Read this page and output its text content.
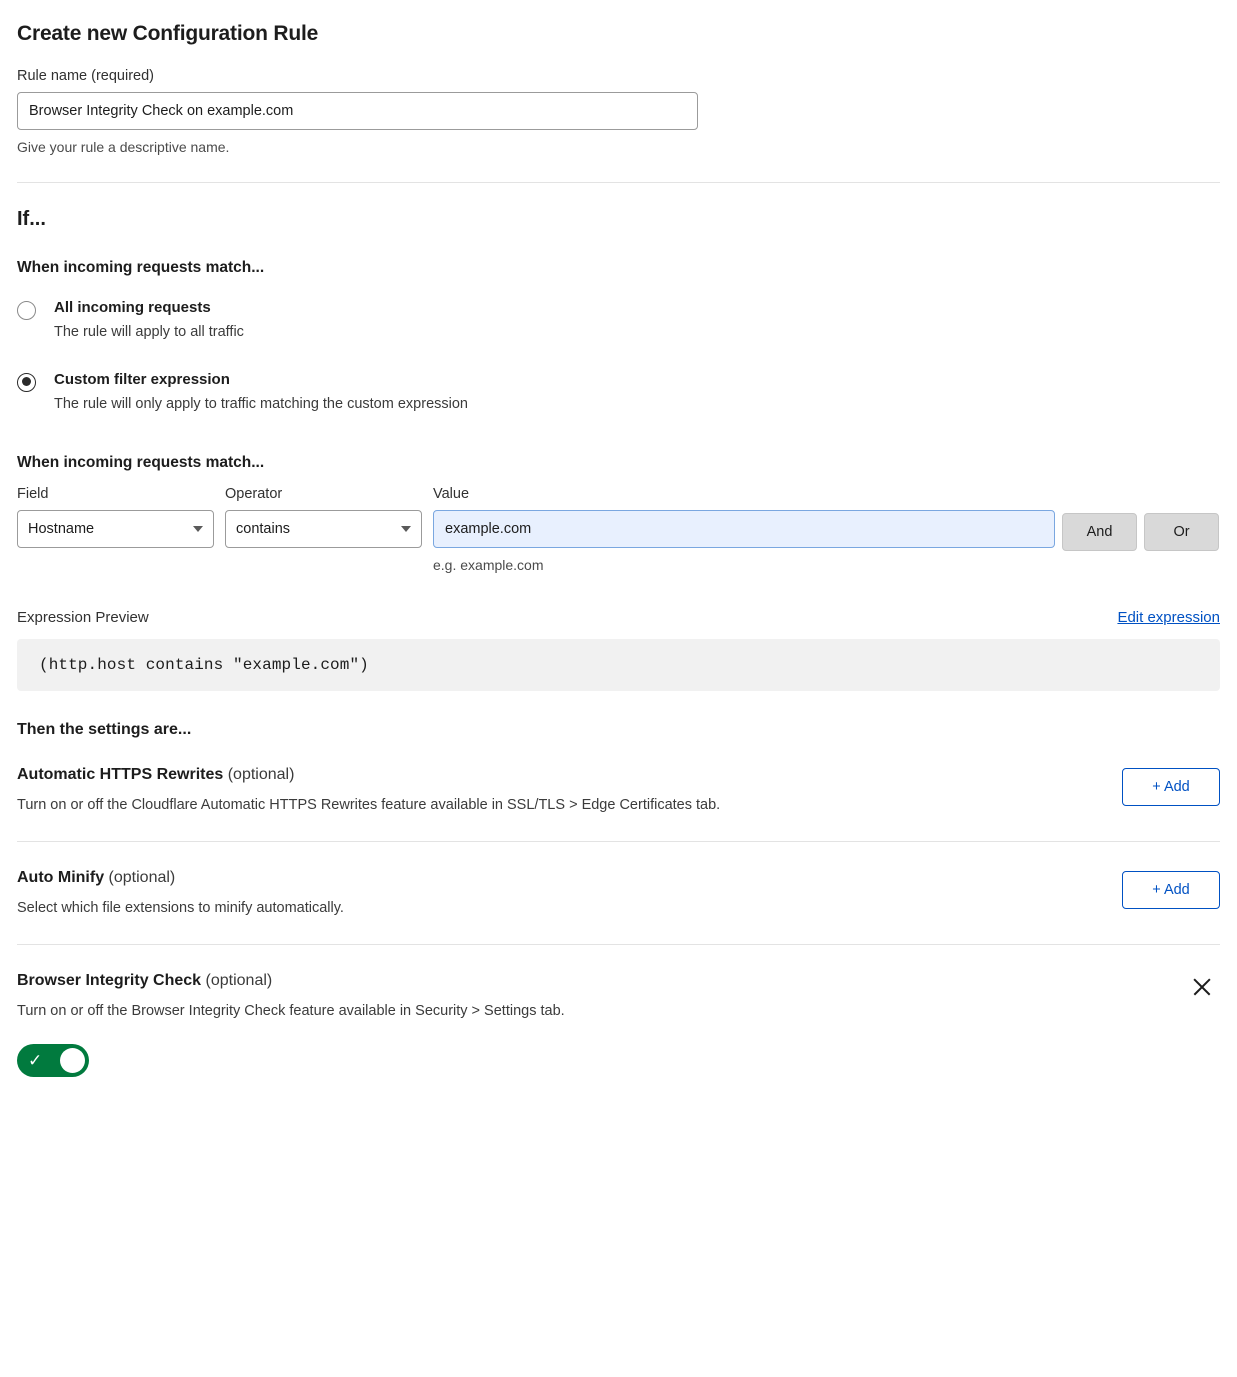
Create new Configuration Rule
Rule name (required)
Browser Integrity Check on example.com
Give your rule a descriptive name.
If...
When incoming requests match...
All incoming requests
The rule will apply to all traffic
Custom filter expression
The rule will only apply to traffic matching the custom expression
When incoming requests match...
Field
Hostname
Operator
contains
Value
example.com
e.g. example.com
And	Or
Expression Preview	Edit expression
(http.host contains "example.com")
Then the settings are...
Automatic HTTPS Rewrites (optional)
Turn on or off the Cloudflare Automatic HTTPS Rewrites feature available in SSL/TLS > Edge Certificates tab.
+ Add
Auto Minify (optional)
Select which file extensions to minify automatically.
+ Add
Browser Integrity Check (optional)
Turn on or off the Browser Integrity Check feature available in Security > Settings tab.
✓
